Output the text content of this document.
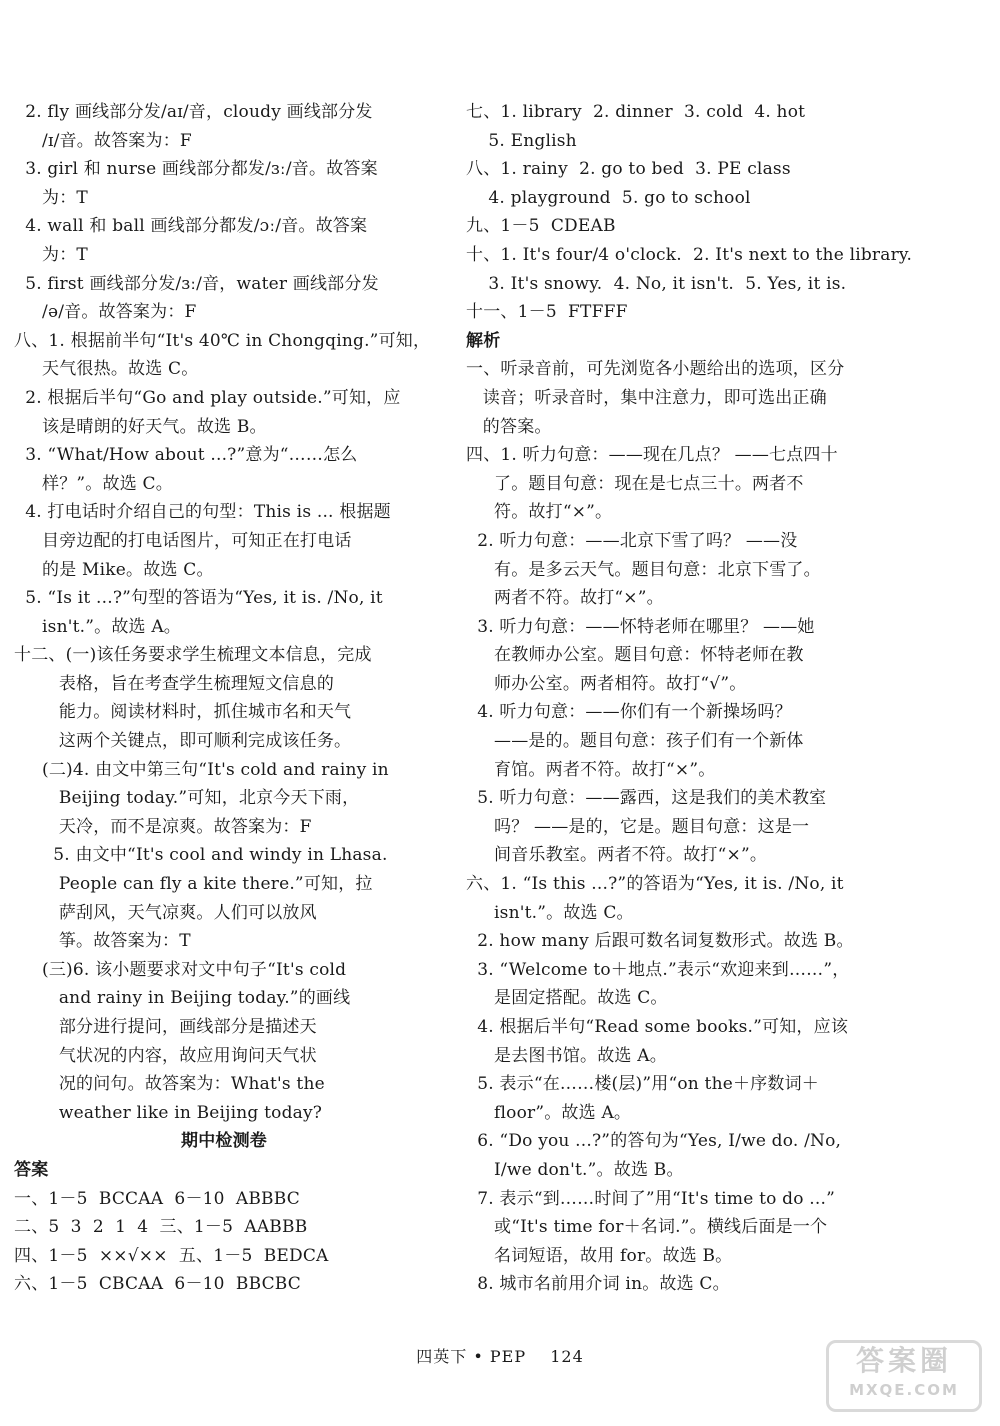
2. fly 画线部分发/aɪ/音，cloudy 画线部分发
/ɪ/音。故答案为：F
3. girl 和 nurse 画线部分都发/ɜː/音。故答案
为：T
4. wall 和 ball 画线部分都发/ɔː/音。故答案
为：T
5. first 画线部分发/ɜː/音，water 画线部分发
/ə/音。故答案为：F
八、1. 根据前半句“It's 40℃ in Chongqing.”可知，
天气很热。故选 C。
2. 根据后半句“Go and play outside.”可知，应
该是晴朗的好天气。故选 B。
3. “What/How about ...?”意为“……怎么
样？”。故选 C。
4. 打电话时介绍自己的句型：This is ... 根据题
目旁边配的打电话图片，可知正在打电话
的是 Mike。故选 C。
5. “Is it ...?”句型的答语为“Yes, it is. /No, it
isn't.”。故选 A。
十二、(一)该任务要求学生梳理文本信息，完成
表格，旨在考查学生梳理短文信息的
能力。阅读材料时，抓住城市名和天气
这两个关键点，即可顺利完成该任务。
(二)4. 由文中第三句“It's cold and rainy in
Beijing today.”可知，北京今天下雨，
天冷，而不是凉爽。故答案为：F
5. 由文中“It's cool and windy in Lhasa.
People can fly a kite there.”可知，拉
萨刮风，天气凉爽。人们可以放风
筝。故答案为：T
(三)6. 该小题要求对文中句子“It's cold
and rainy in Beijing today.”的画线
部分进行提问，画线部分是描述天
气状况的内容，故应用询问天气状
况的问句。故答案为：What's the
weather like in Beijing today?
期中检测卷
答案
一、1－5  BCCAA  6－10  ABBBC
二、5  3  2  1  4  三、1－5  AABBB
四、1－5  ××√××  五、1－5  BEDCA
六、1－5  CBCAA  6－10  BBCBC
七、1. library  2. dinner  3. cold  4. hot
5. English
八、1. rainy  2. go to bed  3. PE class
4. playground  5. go to school
九、1－5  CDEAB
十、1. It's four/4 o'clock.  2. It's next to the library.
3. It's snowy.  4. No, it isn't.  5. Yes, it is.
十一、1－5  FTFFF
解析
一、听录音前，可先浏览各小题给出的选项，区分
读音；听录音时，集中注意力，即可选出正确
的答案。
四、1. 听力句意：——现在几点？ ——七点四十
了。题目句意：现在是七点三十。两者不
符。故打“×”。
2. 听力句意：——北京下雪了吗？ ——没
有。是多云天气。题目句意：北京下雪了。
两者不符。故打“×”。
3. 听力句意：——怀特老师在哪里？ ——她
在教师办公室。题目句意：怀特老师在教
师办公室。两者相符。故打“√”。
4. 听力句意：——你们有一个新操场吗？
——是的。题目句意：孩子们有一个新体
育馆。两者不符。故打“×”。
5. 听力句意：——露西，这是我们的美术教室
吗？ ——是的，它是。题目句意：这是一
间音乐教室。两者不符。故打“×”。
六、1. “Is this ...?”的答语为“Yes, it is. /No, it
isn't.”。故选 C。
2. how many 后跟可数名词复数形式。故选 B。
3. “Welcome to＋地点.”表示“欢迎来到……”，
是固定搭配。故选 C。
4. 根据后半句“Read some books.”可知，应该
是去图书馆。故选 A。
5. 表示“在……楼(层)”用“on the＋序数词＋
floor”。故选 A。
6. “Do you ...?”的答句为“Yes, I/we do. /No,
I/we don't.”。故选 B。
7. 表示“到……时间了”用“It's time to do ...”
或“It's time for＋名词.”。横线后面是一个
名词短语，故用 for。故选 B。
8. 城市名前用介词 in。故选 C。
四英下 • PEP 124	答案圈
MXQE.COM
